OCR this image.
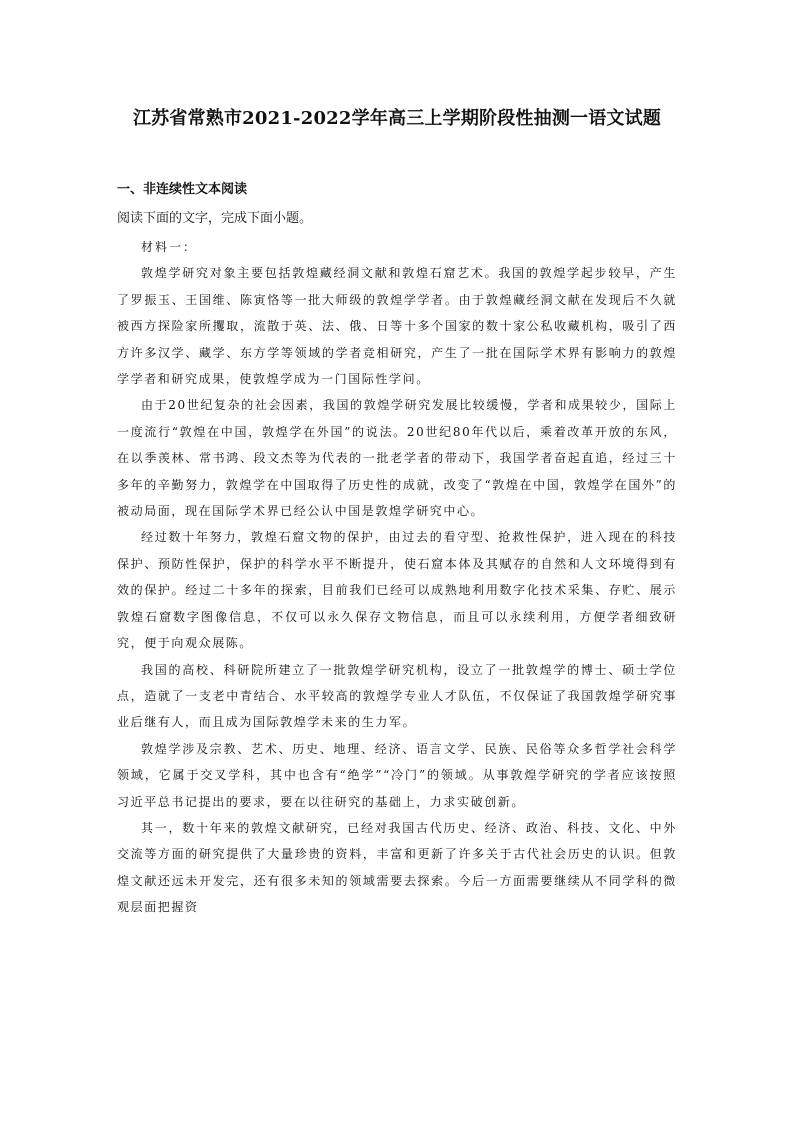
江苏省常熟市2021-2022学年高三上学期阶段性抽测一语文试题
一、非连续性文本阅读
阅读下面的文字，完成下面小题。

材料一：

敦煌学研究对象主要包括敦煌藏经洞文献和敦煌石窟艺术。我国的敦煌学起步较早，产生了罗振玉、王国维、陈寅恪等一批大师级的敦煌学学者。由于敦煌藏经洞文献在发现后不久就被西方探险家所攫取，流散于英、法、俄、日等十多个国家的数十家公私收藏机构，吸引了西方许多汉学、藏学、东方学等领域的学者竞相研究，产生了一批在国际学术界有影响力的敦煌学学者和研究成果，使敦煌学成为一门国际性学问。

由于20世纪复杂的社会因素，我国的敦煌学研究发展比较缓慢，学者和成果较少，国际上一度流行“敦煌在中国，敦煌学在外国”的说法。20世纪80年代以后，乘着改革开放的东风，在以季羡林、常书鸿、段文杰等为代表的一批老学者的带动下，我国学者奋起直追，经过三十多年的辛勤努力，敦煌学在中国取得了历史性的成就，改变了“敦煌在中国，敦煌学在国外”的被动局面，现在国际学术界已经公认中国是敦煌学研究中心。

经过数十年努力，敦煌石窟文物的保护，由过去的看守型、抢救性保护，进入现在的科技保护、预防性保护，保护的科学水平不断提升，使石窟本体及其赋存的自然和人文环境得到有效的保护。经过二十多年的探索，目前我们已经可以成熟地利用数字化技术采集、存贮、展示敦煌石窟数字图像信息，不仅可以永久保存文物信息，而且可以永续利用，方便学者细致研究，便于向观众展陈。

我国的高校、科研院所建立了一批敦煌学研究机构，设立了一批敦煌学的博士、硕士学位点，造就了一支老中青结合、水平较高的敦煌学专业人才队伍，不仅保证了我国敦煌学研究事业后继有人，而且成为国际敦煌学未来的生力军。

敦煌学涉及宗教、艺术、历史、地理、经济、语言文学、民族、民俗等众多哲学社会科学领域，它属于交叉学科，其中也含有“绝学”“冷门”的领域。从事敦煌学研究的学者应该按照习近平总书记提出的要求，要在以往研究的基础上，力求实破创新。

其一，数十年来的敦煌文献研究，已经对我国古代历史、经济、政治、科技、文化、中外交流等方面的研究提供了大量珍贵的资料，丰富和更新了许多关于古代社会历史的认识。但敦煌文献还远未开发完，还有很多未知的领域需要去探索。今后一方面需要继续从不同学科的微观层面把握资
